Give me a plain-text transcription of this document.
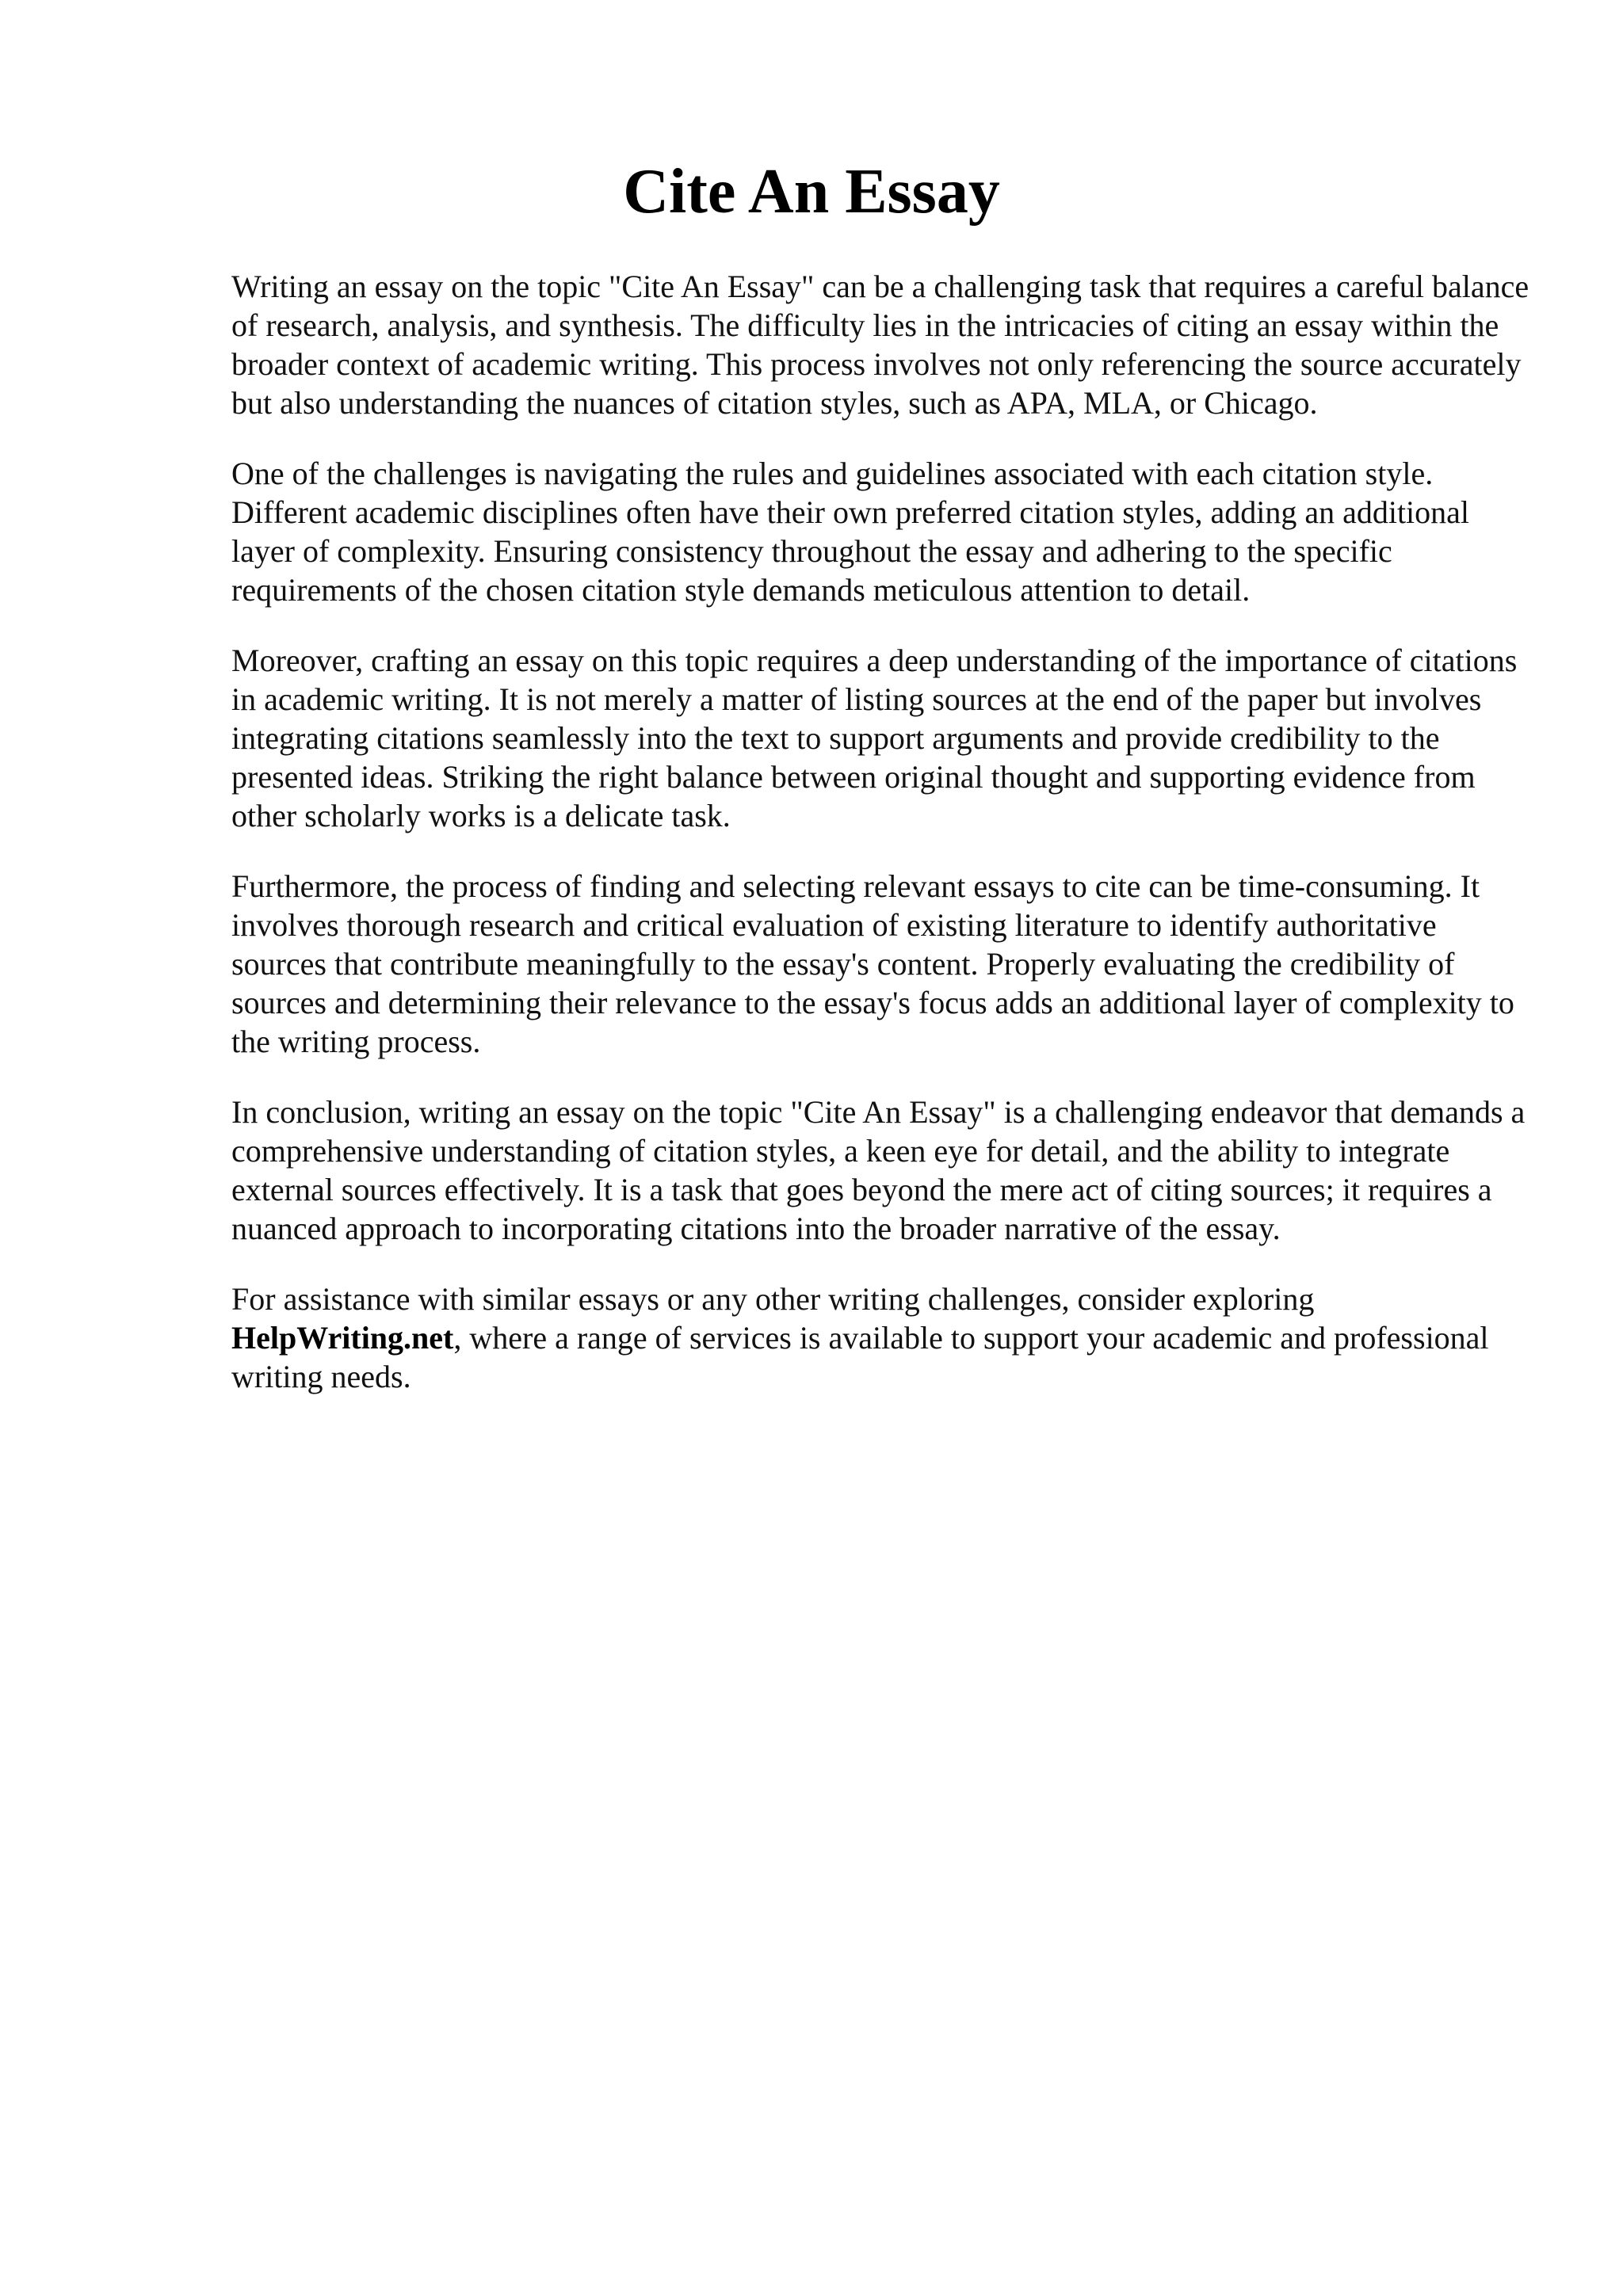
Cite An Essay

Writing an essay on the topic "Cite An Essay" can be a challenging task that requires a careful balance of research, analysis, and synthesis. The difficulty lies in the intricacies of citing an essay within the broader context of academic writing. This process involves not only referencing the source accurately but also understanding the nuances of citation styles, such as APA, MLA, or Chicago.

One of the challenges is navigating the rules and guidelines associated with each citation style. Different academic disciplines often have their own preferred citation styles, adding an additional layer of complexity. Ensuring consistency throughout the essay and adhering to the specific requirements of the chosen citation style demands meticulous attention to detail.

Moreover, crafting an essay on this topic requires a deep understanding of the importance of citations in academic writing. It is not merely a matter of listing sources at the end of the paper but involves integrating citations seamlessly into the text to support arguments and provide credibility to the presented ideas. Striking the right balance between original thought and supporting evidence from other scholarly works is a delicate task.

Furthermore, the process of finding and selecting relevant essays to cite can be time-consuming. It involves thorough research and critical evaluation of existing literature to identify authoritative sources that contribute meaningfully to the essay's content. Properly evaluating the credibility of sources and determining their relevance to the essay's focus adds an additional layer of complexity to the writing process.

In conclusion, writing an essay on the topic "Cite An Essay" is a challenging endeavor that demands a comprehensive understanding of citation styles, a keen eye for detail, and the ability to integrate external sources effectively. It is a task that goes beyond the mere act of citing sources; it requires a nuanced approach to incorporating citations into the broader narrative of the essay.

For assistance with similar essays or any other writing challenges, consider exploring HelpWriting.net, where a range of services is available to support your academic and professional writing needs.
